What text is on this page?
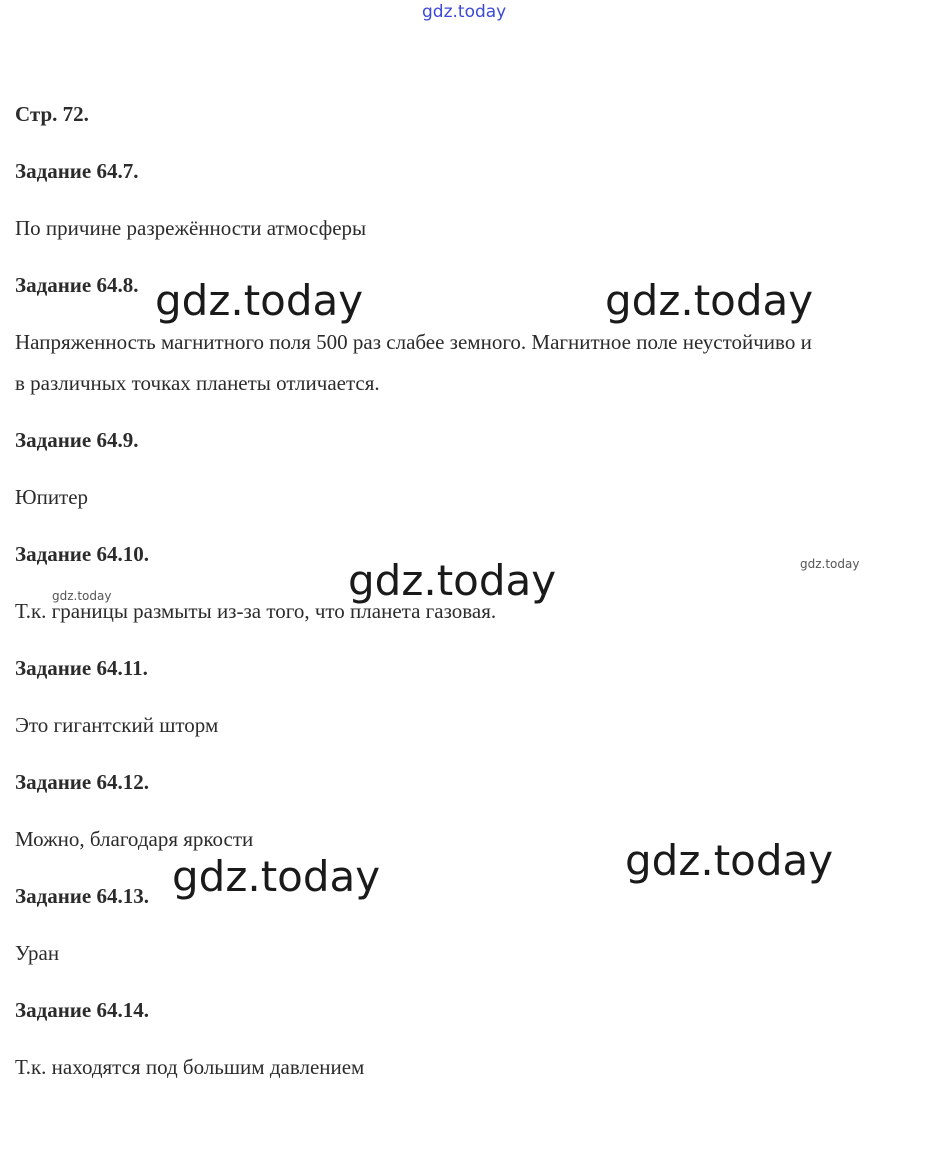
gdz.today
gdz.today	gdz.today
gdz.today	gdz.today
gdz.today
gdz.today
gdz.today
Стр. 72.
Задание 64.7.
По причине разрежённости атмосферы
Задание 64.8.
Напряженность магнитного поля 500 раз слабее земного. Магнитное поле неустойчиво и
в различных точках планеты отличается.
Задание 64.9.
Юпитер
Задание 64.10.
Т.к. границы размыты из-за того, что планета газовая.
Задание 64.11.
Это гигантский шторм
Задание 64.12.
Можно, благодаря яркости
Задание 64.13.
Уран
Задание 64.14.
Т.к. находятся под большим давлением
